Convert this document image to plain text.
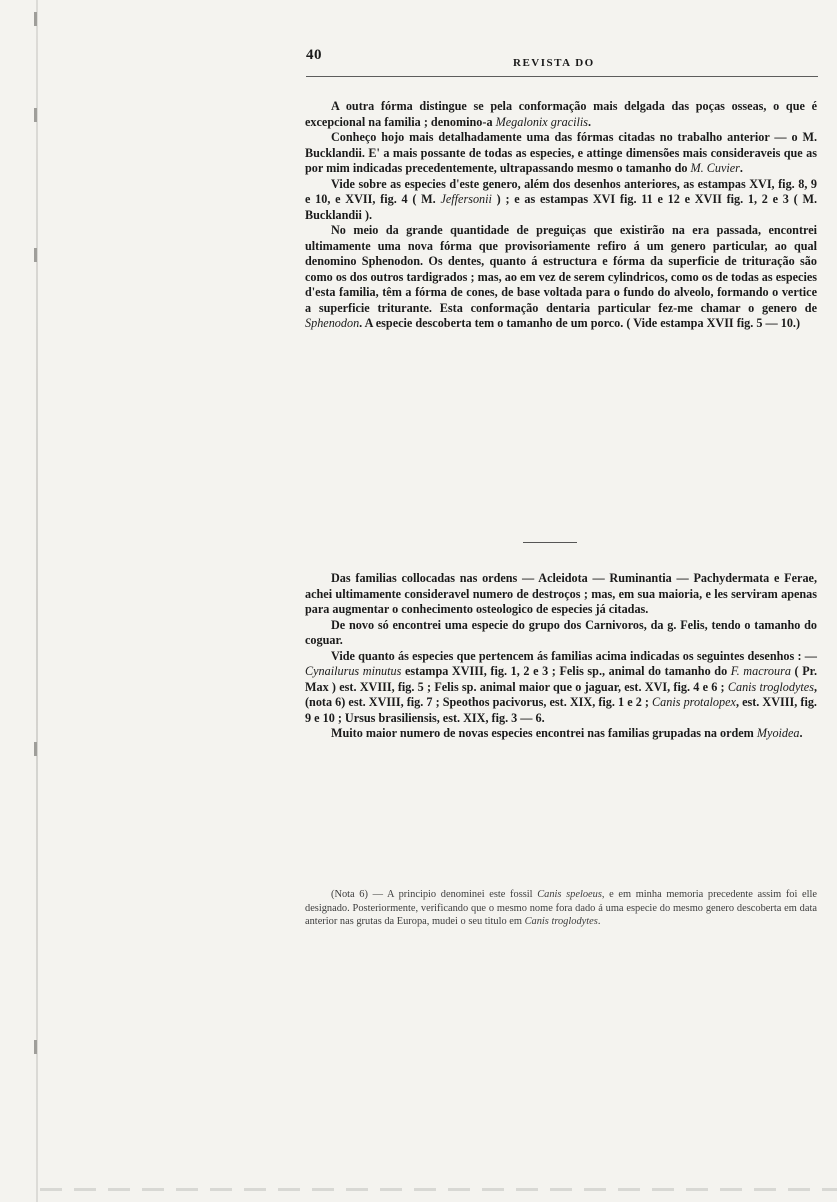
40	REVISTA DO

A outra fórma distingue se pela conformação mais delgada das poças osseas, o que é excepcional na familia ; denomino-a Megalonix gracilis.

Conheço hojo mais detalhadamente uma das fórmas citadas no trabalho anterior — o M. Bucklandii. E' a mais possante de todas as especies, e attinge dimensões mais consideraveis que as por mim indicadas precedentemente, ultrapassando mesmo o tamanho do M. Cuvier.

Vide sobre as especies d'este genero, além dos desenhos anteriores, as estampas XVI, fig. 8, 9 e 10, e XVII, fig. 4 ( M. Jeffersonii ) ; e as estampas XVI fig. 11 e 12 e XVII fig. 1, 2 e 3 ( M. Bucklandii ).

No meio da grande quantidade de preguiças que existirão na era passada, encontrei ultimamente uma nova fórma que provisoriamente refiro á um genero particular, ao qual denomino Sphenodon. Os dentes, quanto á estructura e fórma da superficie de trituração são como os dos outros tardigrados ; mas, ao em vez de serem cylindricos, como os de todas as especies d'esta familia, têm a fórma de cones, de base voltada para o fundo do alveolo, formando o vertice a superficie triturante. Esta conformação dentaria particular fez-me chamar o genero de Sphenodon. A especie descoberta tem o tamanho de um porco. ( Vide estampa XVII fig. 5 — 10.)

Das familias collocadas nas ordens — Acleidota — Ruminantia — Pachydermata e Ferae, achei ultimamente consideravel numero de destroços ; mas, em sua maioria, e les serviram apenas para augmentar o conhecimento osteologico de especies já citadas.

De novo só encontrei uma especie do grupo dos Carnivoros, da g. Felis, tendo o tamanho do coguar.

Vide quanto ás especies que pertencem ás familias acima indicadas os seguintes desenhos : — Cynailurus minutus estampa XVIII, fig. 1, 2 e 3 ; Felis sp., animal do tamanho do F. macroura ( Pr. Max ) est. XVIII, fig. 5 ; Felis sp. animal maior que o jaguar, est. XVI, fig. 4 e 6 ; Canis troglodytes, (nota 6) est. XVIII, fig. 7 ; Speothos pacivorus, est. XIX, fig. 1 e 2 ; Canis protalopex, est. XVIII, fig. 9 e 10 ; Ursus brasiliensis, est. XIX, fig. 3 — 6.

Muito maior numero de novas especies encontrei nas familias grupadas na ordem Myoidea.

(Nota 6) — A principio denominei este fossil Canis speloeus, e em minha memoria precedente assim foi elle designado. Posteriormente, verificando que o mesmo nome fora dado á uma especie do mesmo genero descoberta em data anterior nas grutas da Europa, mudei o seu titulo em Canis troglodytes.
